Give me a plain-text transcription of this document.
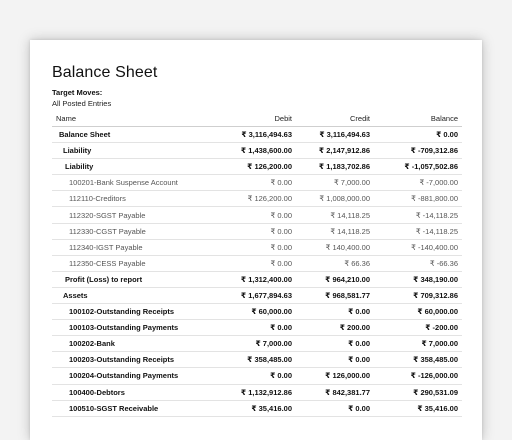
Balance Sheet
Target Moves:
All Posted Entries
Name	Debit	Credit	Balance
Balance Sheet	₹ 3,116,494.63	₹ 3,116,494.63	₹ 0.00
Liability	₹ 1,438,600.00	₹ 2,147,912.86	₹ -709,312.86
Liability	₹ 126,200.00	₹ 1,183,702.86	₹ -1,057,502.86
100201-Bank Suspense Account	₹ 0.00	₹ 7,000.00	₹ -7,000.00
112110-Creditors	₹ 126,200.00	₹ 1,008,000.00	₹ -881,800.00
112320-SGST Payable	₹ 0.00	₹ 14,118.25	₹ -14,118.25
112330-CGST Payable	₹ 0.00	₹ 14,118.25	₹ -14,118.25
112340-IGST Payable	₹ 0.00	₹ 140,400.00	₹ -140,400.00
112350-CESS Payable	₹ 0.00	₹ 66.36	₹ -66.36
Profit (Loss) to report	₹ 1,312,400.00	₹ 964,210.00	₹ 348,190.00
Assets	₹ 1,677,894.63	₹ 968,581.77	₹ 709,312.86
100102-Outstanding Receipts	₹ 60,000.00	₹ 0.00	₹ 60,000.00
100103-Outstanding Payments	₹ 0.00	₹ 200.00	₹ -200.00
100202-Bank	₹ 7,000.00	₹ 0.00	₹ 7,000.00
100203-Outstanding Receipts	₹ 358,485.00	₹ 0.00	₹ 358,485.00
100204-Outstanding Payments	₹ 0.00	₹ 126,000.00	₹ -126,000.00
100400-Debtors	₹ 1,132,912.86	₹ 842,381.77	₹ 290,531.09
100510-SGST Receivable	₹ 35,416.00	₹ 0.00	₹ 35,416.00
